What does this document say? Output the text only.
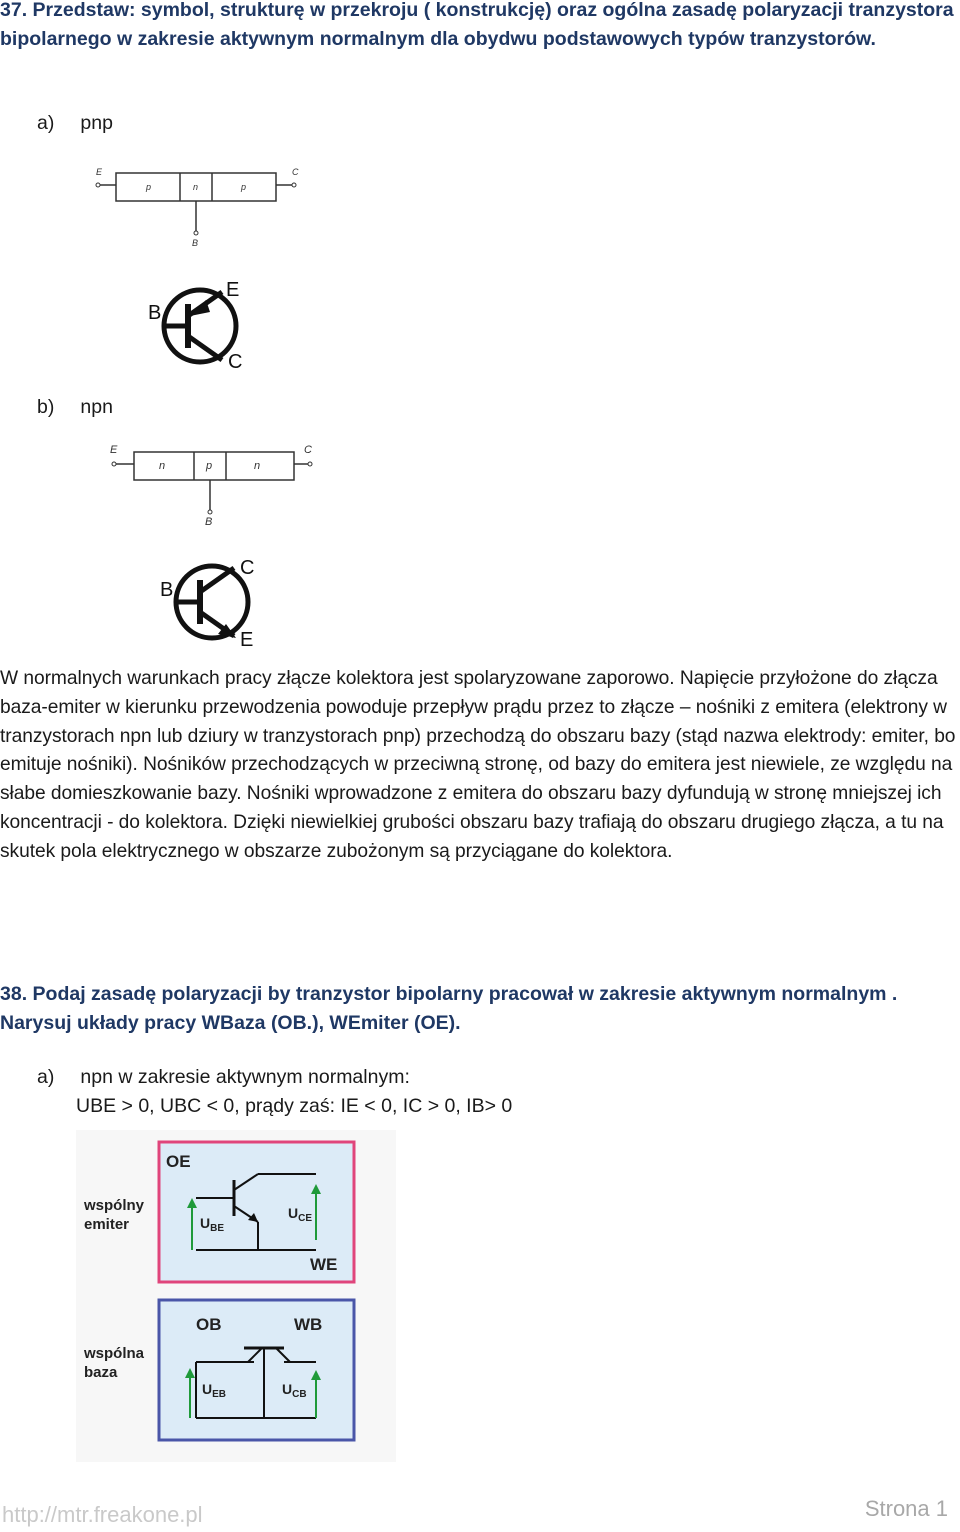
37. Przedstaw: symbol, strukturę w przekroju ( konstrukcję) oraz ogólna zasadę polaryzacji tranzystora bipolarnego w zakresie aktywnym normalnym dla obydwu podstawowych typów tranzystorów.
a) pnp
E	C
B
p	n	p
B
E
C
b) npn
E	C
B
n	p	n
B
C
E
W normalnych warunkach pracy złącze kolektora jest spolaryzowane zaporowo. Napięcie przyłożone do złącza baza-emiter w kierunku przewodzenia powoduje przepływ prądu przez to złącze – nośniki z emitera (elektrony w tranzystorach npn lub dziury w tranzystorach pnp) przechodzą do obszaru bazy (stąd nazwa elektrody: emiter, bo emituje nośniki). Nośników przechodzących w przeciwną stronę, od bazy do emitera jest niewiele, ze względu na słabe domieszkowanie bazy. Nośniki wprowadzone z emitera do obszaru bazy dyfundują w stronę mniejszej ich koncentracji - do kolektora. Dzięki niewielkiej grubości obszaru bazy trafiają do obszaru drugiego złącza, a tu na skutek pola elektrycznego w obszarze zubożonym są przyciągane do kolektora.
38. Podaj zasadę polaryzacji by tranzystor bipolarny pracował w zakresie aktywnym normalnym . Narysuj układy pracy WBaza (OB.), WEmiter (OE).
a) npn w zakresie aktywnym normalnym:
UBE > 0, UBC < 0, prądy zaś: IE < 0, IC > 0, IB> 0
OE
WE
$U_{BE}$
$U_{CE}$
wspólny
emiter
OB	WB
$U_{EB}$	$U_{CB}$
wspólna
baza
http://mtr.freakone.pl	Strona 1
